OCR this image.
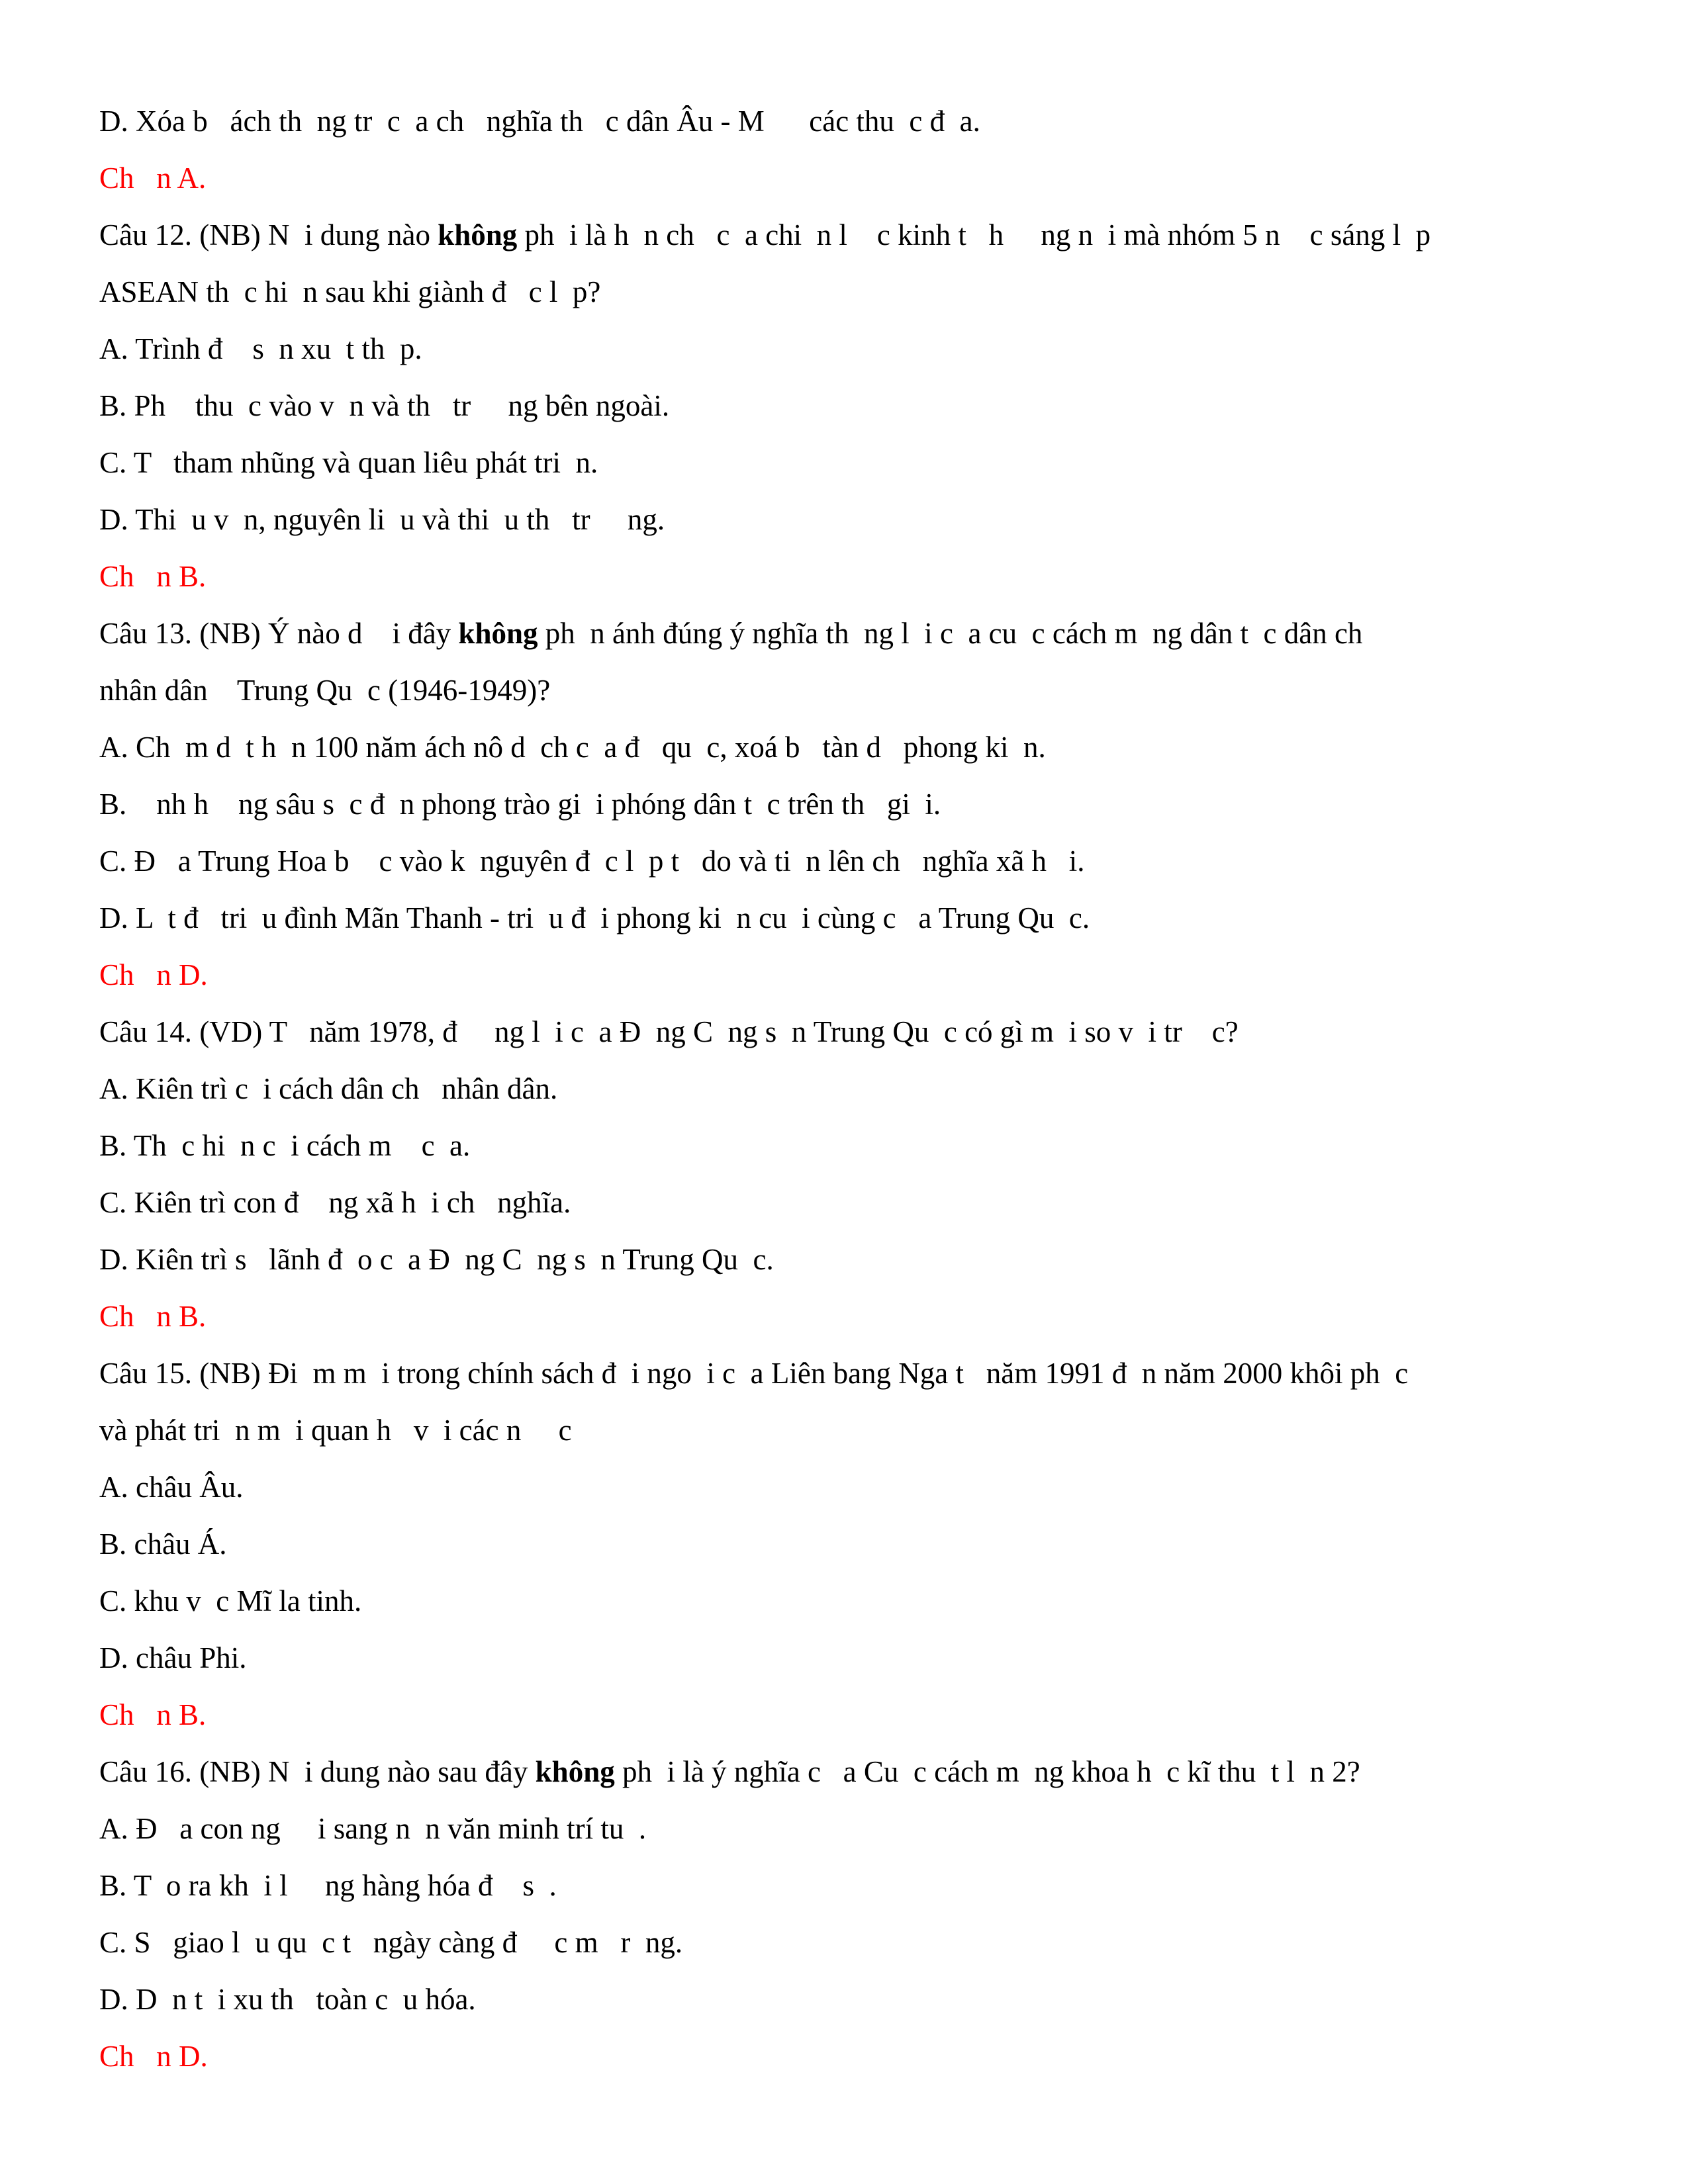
D. Xóa b   ách th  ng tr  c  a ch   nghĩa th   c dân Âu - M      các thu  c đ  a.
Ch   n A.
Câu 12. (NB) N  i dung nào không ph  i là h  n ch   c  a chi  n l    c kinh t   h     ng n  i mà nhóm 5 n    c sáng l  p
ASEAN th  c hi  n sau khi giành đ   c l  p?
A. Trình đ    s  n xu  t th  p.
B. Ph    thu  c vào v  n và th   tr     ng bên ngoài.
C. T   tham nhũng và quan liêu phát tri  n.
D. Thi  u v  n, nguyên li  u và thi  u th   tr     ng.
Ch   n B.
Câu 13. (NB) Ý nào d    i đây không ph  n ánh đúng ý nghĩa th  ng l  i c  a cu  c cách m  ng dân t  c dân ch
nhân dân    Trung Qu  c (1946-1949)?
A. Ch  m d  t h  n 100 năm ách nô d  ch c  a đ   qu  c, xoá b   tàn d   phong ki  n.
B.    nh h    ng sâu s  c đ  n phong trào gi  i phóng dân t  c trên th   gi  i.
C. Đ   a Trung Hoa b    c vào k  nguyên đ  c l  p t   do và ti  n lên ch   nghĩa xã h   i.
D. L  t đ   tri  u đình Mãn Thanh - tri  u đ  i phong ki  n cu  i cùng c   a Trung Qu  c.
Ch   n D.
Câu 14. (VD) T   năm 1978, đ     ng l  i c  a Đ  ng C  ng s  n Trung Qu  c có gì m  i so v  i tr    c?
A. Kiên trì c  i cách dân ch   nhân dân.
B. Th  c hi  n c  i cách m    c  a.
C. Kiên trì con đ    ng xã h  i ch   nghĩa.
D. Kiên trì s   lãnh đ  o c  a Đ  ng C  ng s  n Trung Qu  c.
Ch   n B.
Câu 15. (NB) Đi  m m  i trong chính sách đ  i ngo  i c  a Liên bang Nga t   năm 1991 đ  n năm 2000 khôi ph  c
và phát tri  n m  i quan h   v  i các n     c
A. châu Âu.
B. châu Á.
C. khu v  c Mĩ la tinh.
D. châu Phi.
Ch   n B.
Câu 16. (NB) N  i dung nào sau đây không ph  i là ý nghĩa c   a Cu  c cách m  ng khoa h  c kĩ thu  t l  n 2?
A. Đ   a con ng     i sang n  n văn minh trí tu  .
B. T  o ra kh  i l     ng hàng hóa đ    s  .
C. S   giao l  u qu  c t   ngày càng đ     c m   r  ng.
D. D  n t  i xu th   toàn c  u hóa.
Ch   n D.
